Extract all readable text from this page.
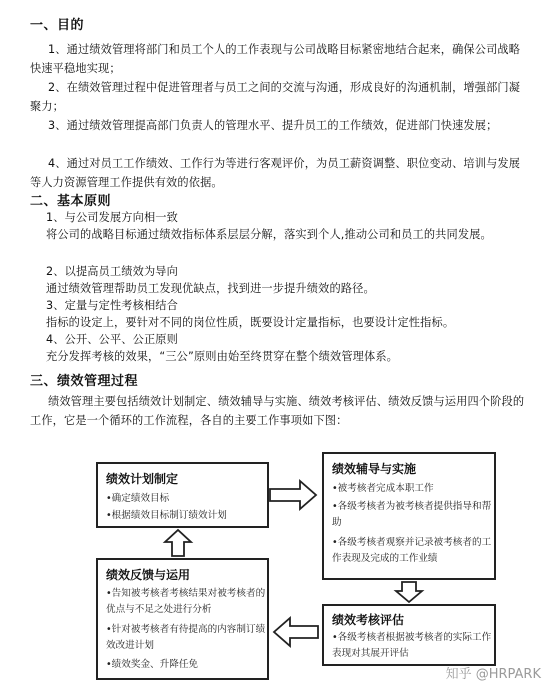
一、目的
1、通过绩效管理将部门和员工个人的工作表现与公司战略目标紧密地结合起来，确保公司战略快速平稳地实现；
2、在绩效管理过程中促进管理者与员工之间的交流与沟通，形成良好的沟通机制，增强部门凝聚力；
3、通过绩效管理提高部门负责人的管理水平、提升员工的工作绩效，促进部门快速发展；
4、通过对员工工作绩效、工作行为等进行客观评价，为员工薪资调整、职位变动、培训与发展等人力资源管理工作提供有效的依据。
二、基本原则
1、与公司发展方向相一致
将公司的战略目标通过绩效指标体系层层分解，落实到个人,推动公司和员工的共同发展。
2、以提高员工绩效为导向
通过绩效管理帮助员工发现优缺点，找到进一步提升绩效的路径。
3、定量与定性考核相结合
指标的设定上，要针对不同的岗位性质，既要设计定量指标，也要设计定性指标。
4、公开、公平、公正原则
充分发挥考核的效果，“三公”原则由始至终贯穿在整个绩效管理体系。
三、绩效管理过程
绩效管理主要包括绩效计划制定、绩效辅导与实施、绩效考核评估、绩效反馈与运用四个阶段的工作，它是一个循环的工作流程，各自的主要工作事项如下图：
绩效计划制定
•确定绩效目标
•根据绩效目标制订绩效计划
绩效辅导与实施
•被考核者完成本职工作
•各级考核者为被考核者提供指导和帮助
•各级考核者观察并记录被考核者的工作表现及完成的工作业绩
绩效反馈与运用
•告知被考核者考核结果对被考核者的优点与不足之处进行分析
•针对被考核者有待提高的内容制订绩效改进计划
•绩效奖金、升降任免
绩效考核评估
•各级考核者根据被考核者的实际工作表现对其展开评估
知乎 @HRPARK
